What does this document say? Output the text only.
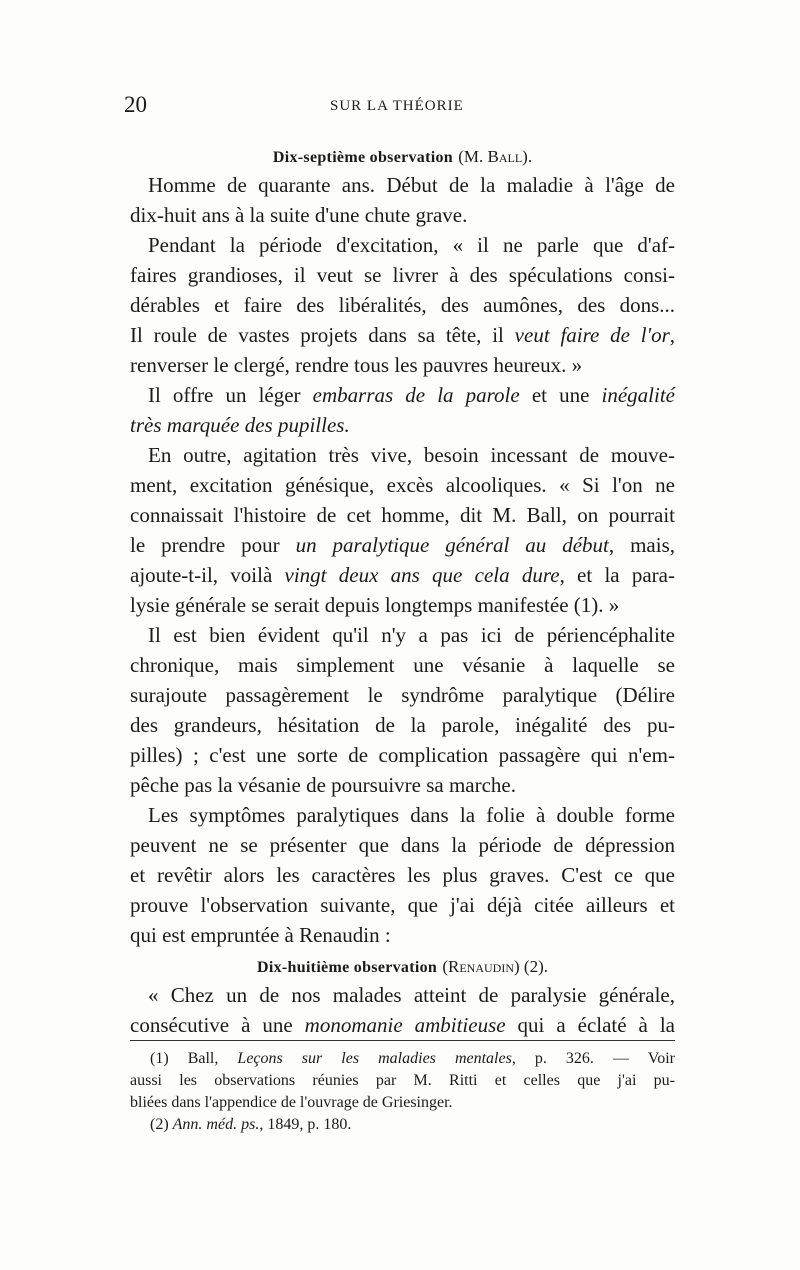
20	SUR LA THÉORIE
Dix-septième observation (M. Ball).
Homme de quarante ans. Début de la maladie à l'âge de
dix-huit ans à la suite d'une chute grave.
Pendant la période d'excitation, « il ne parle que d'af-
faires grandioses, il veut se livrer à des spéculations consi-
dérables et faire des libéralités, des aumônes, des dons...
Il roule de vastes projets dans sa tête, il veut faire de l'or,
renverser le clergé, rendre tous les pauvres heureux. »
Il offre un léger embarras de la parole et une inégalité
très marquée des pupilles.
En outre, agitation très vive, besoin incessant de mouve-
ment, excitation génésique, excès alcooliques. « Si l'on ne
connaissait l'histoire de cet homme, dit M. Ball, on pourrait
le prendre pour un paralytique général au début, mais,
ajoute-t-il, voilà vingt deux ans que cela dure, et la para-
lysie générale se serait depuis longtemps manifestée (1). »
Il est bien évident qu'il n'y a pas ici de périencéphalite
chronique, mais simplement une vésanie à laquelle se
surajoute passagèrement le syndrôme paralytique (Délire
des grandeurs, hésitation de la parole, inégalité des pu-
pilles) ; c'est une sorte de complication passagère qui n'em-
pêche pas la vésanie de poursuivre sa marche.
Les symptômes paralytiques dans la folie à double forme
peuvent ne se présenter que dans la période de dépression
et revêtir alors les caractères les plus graves. C'est ce que
prouve l'observation suivante, que j'ai déjà citée ailleurs et
qui est empruntée à Renaudin :
Dix-huitième observation (Renaudin) (2).
« Chez un de nos malades atteint de paralysie générale,
consécutive à une monomanie ambitieuse qui a éclaté à la
(1) Ball, Leçons sur les maladies mentales, p. 326. — Voir
aussi les observations réunies par M. Ritti et celles que j'ai pu-
bliées dans l'appendice de l'ouvrage de Griesinger.
(2) Ann. méd. ps., 1849, p. 180.
